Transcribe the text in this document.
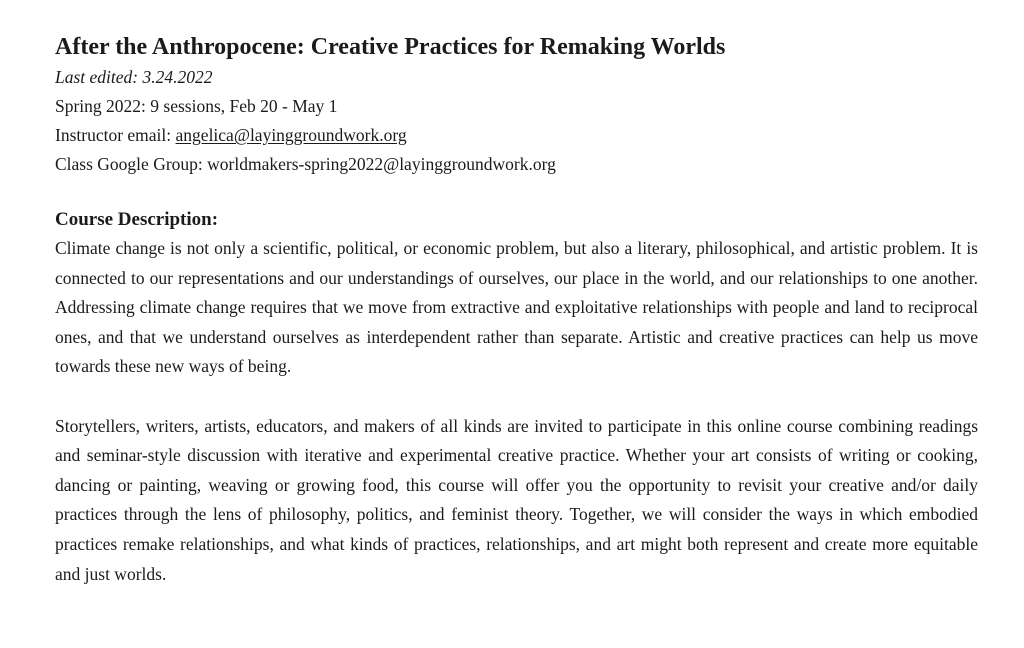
After the Anthropocene: Creative Practices for Remaking Worlds
Last edited: 3.24.2022
Spring 2022: 9 sessions, Feb 20 - May 1
Instructor email: angelica@layinggroundwork.org
Class Google Group: worldmakers-spring2022@layinggroundwork.org
Course Description:

Climate change is not only a scientific, political, or economic problem, but also a literary, philosophical, and artistic problem. It is connected to our representations and our understandings of ourselves, our place in the world, and our relationships to one another. Addressing climate change requires that we move from extractive and exploitative relationships with people and land to reciprocal ones, and that we understand ourselves as interdependent rather than separate. Artistic and creative practices can help us move towards these new ways of being.

Storytellers, writers, artists, educators, and makers of all kinds are invited to participate in this online course combining readings and seminar-style discussion with iterative and experimental creative practice. Whether your art consists of writing or cooking, dancing or painting, weaving or growing food, this course will offer you the opportunity to revisit your creative and/or daily practices through the lens of philosophy, politics, and feminist theory. Together, we will consider the ways in which embodied practices remake relationships, and what kinds of practices, relationships, and art might both represent and create more equitable and just worlds.
